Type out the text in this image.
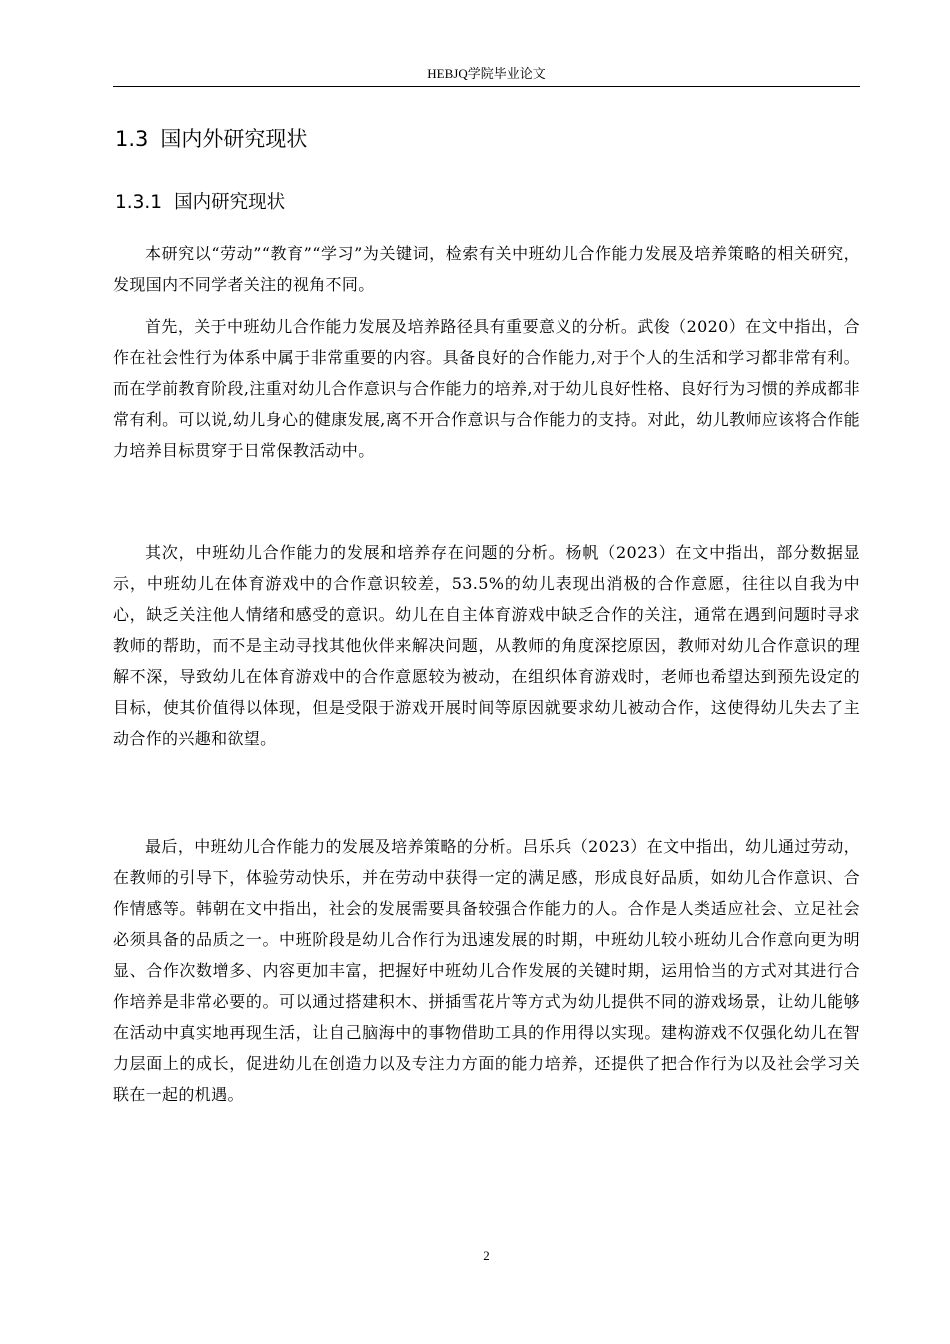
HEBJQ学院毕业论文
1.3 国内外研究现状
1.3.1 国内研究现状

本研究以“劳动”“教育”“学习”为关键词，检索有关中班幼儿合作能力发展及培养策略的相关研究，发现国内不同学者关注的视角不同。

首先，关于中班幼儿合作能力发展及培养路径具有重要意义的分析。武俊（2020）在文中指出，合作在社会性行为体系中属于非常重要的内容。具备良好的合作能力,对于个人的生活和学习都非常有利。而在学前教育阶段,注重对幼儿合作意识与合作能力的培养,对于幼儿良好性格、良好行为习惯的养成都非常有利。可以说,幼儿身心的健康发展,离不开合作意识与合作能力的支持。对此，幼儿教师应该将合作能力培养目标贯穿于日常保教活动中。

其次，中班幼儿合作能力的发展和培养存在问题的分析。杨帆（2023）在文中指出，部分数据显示，中班幼儿在体育游戏中的合作意识较差，53.5%的幼儿表现出消极的合作意愿，往往以自我为中心，缺乏关注他人情绪和感受的意识。幼儿在自主体育游戏中缺乏合作的关注，通常在遇到问题时寻求教师的帮助，而不是主动寻找其他伙伴来解决问题，从教师的角度深挖原因，教师对幼儿合作意识的理解不深，导致幼儿在体育游戏中的合作意愿较为被动，在组织体育游戏时，老师也希望达到预先设定的目标，使其价值得以体现，但是受限于游戏开展时间等原因就要求幼儿被动合作，这使得幼儿失去了主动合作的兴趣和欲望。

最后，中班幼儿合作能力的发展及培养策略的分析。吕乐兵（2023）在文中指出，幼儿通过劳动，在教师的引导下，体验劳动快乐，并在劳动中获得一定的满足感，形成良好品质，如幼儿合作意识、合作情感等。韩朝在文中指出，社会的发展需要具备较强合作能力的人。合作是人类适应社会、立足社会必须具备的品质之一。中班阶段是幼儿合作行为迅速发展的时期，中班幼儿较小班幼儿合作意向更为明显、合作次数增多、内容更加丰富，把握好中班幼儿合作发展的关键时期，运用恰当的方式对其进行合作培养是非常必要的。可以通过搭建积木、拼插雪花片等方式为幼儿提供不同的游戏场景，让幼儿能够在活动中真实地再现生活，让自己脑海中的事物借助工具的作用得以实现。建构游戏不仅强化幼儿在智力层面上的成长，促进幼儿在创造力以及专注力方面的能力培养，还提供了把合作行为以及社会学习关联在一起的机遇。

2
